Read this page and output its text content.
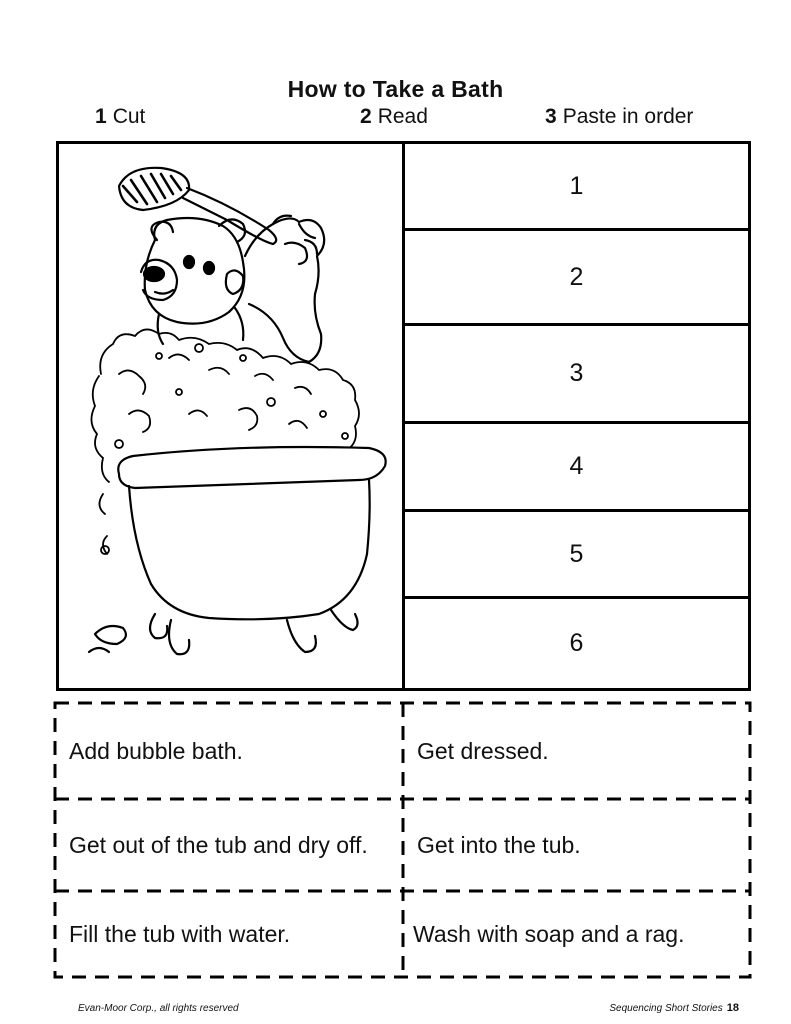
How to Take a Bath
1 Cut	2 Read	3 Paste in order
1
2
3
4
5
6
Add bubble bath.	Get dressed.
Get out of the tub and dry off. Get into the tub.
Fill the tub with water.	Wash with soap and a rag.
Evan-Moor Corp., all rights reserved	Sequencing Short Stories 18
